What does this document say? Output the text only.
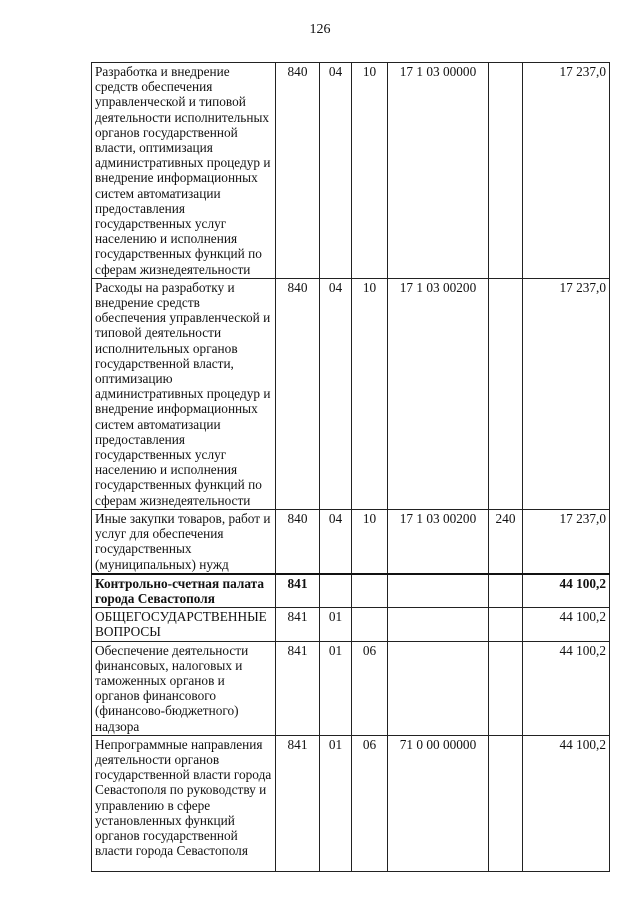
126
Разработка и внедрение средств обеспечения управленческой и типовой деятельности исполнительных органов государственной власти, оптимизация административных процедур и внедрение информационных систем автоматизации предоставления государственных услуг населению и исполнения государственных функций по сферам жизнедеятельности	840	04	10	17 1 03 00000		17 237,0
Расходы на разработку и внедрение средств обеспечения управленческой и типовой деятельности исполнительных органов государственной власти, оптимизацию административных процедур и внедрение информационных систем автоматизации предоставления государственных услуг населению и исполнения государственных функций по сферам жизнедеятельности	840	04	10	17 1 03 00200		17 237,0
Иные закупки товаров, работ и услуг для обеспечения государственных (муниципальных) нужд	840	04	10	17 1 03 00200	240	17 237,0
Контрольно-счетная палата города Севастополя	841					44 100,2
ОБЩЕГОСУДАРСТВЕННЫЕ ВОПРОСЫ	841	01				44 100,2
Обеспечение деятельности финансовых, налоговых и таможенных органов и органов финансового (финансово-бюджетного) надзора	841	01	06			44 100,2
Непрограммные направления деятельности органов государственной власти города Севастополя по руководству и управлению в сфере установленных функций органов государственной власти города Севастополя	841	01	06	71 0 00 00000		44 100,2
